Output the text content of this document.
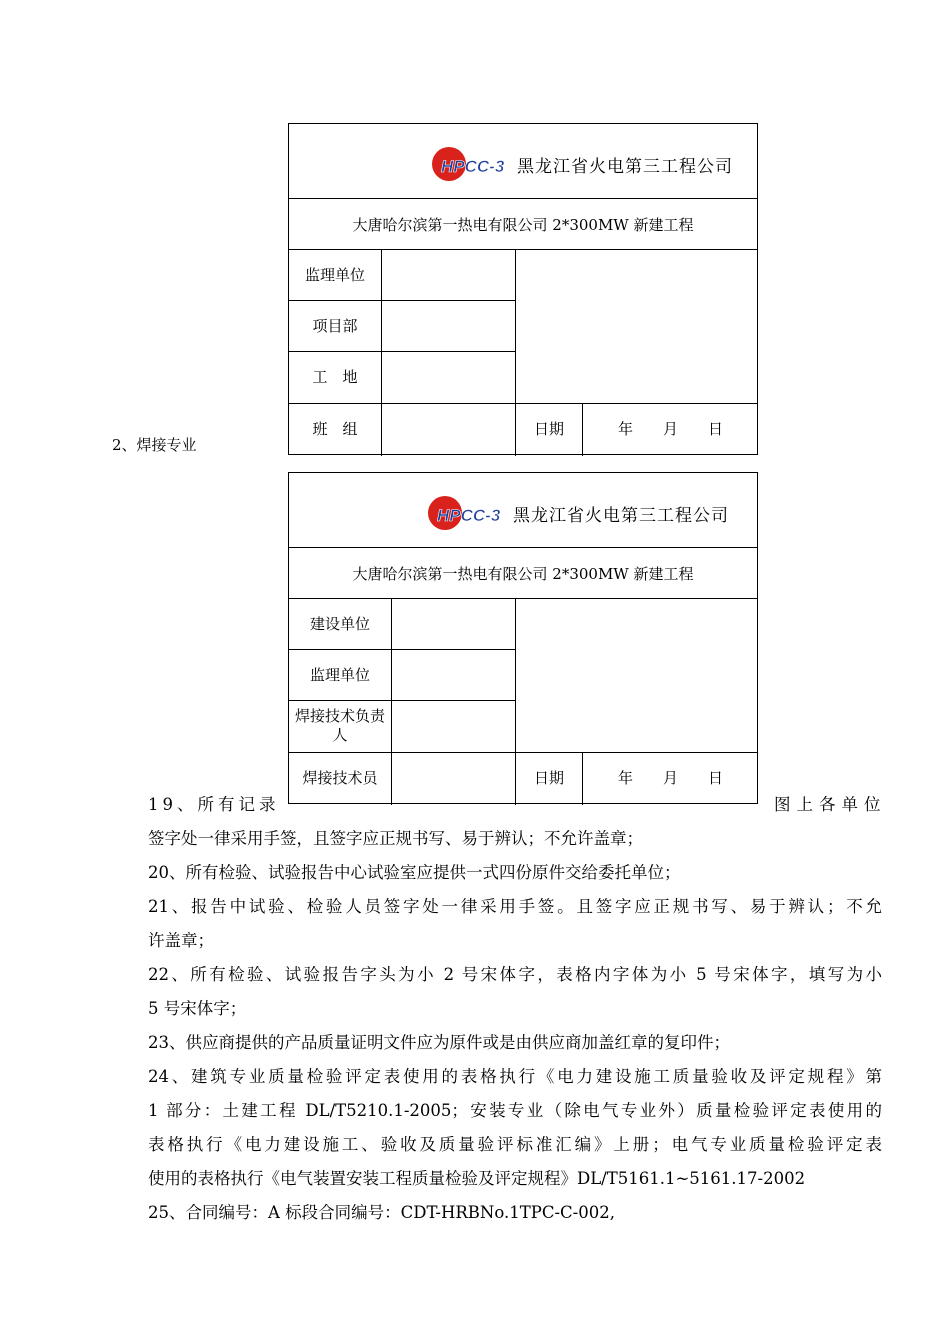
2、焊接专业
HPCC-3 黑龙江省火电第三工程公司
大唐哈尔滨第一热电有限公司 2*300MW 新建工程
监理单位
项目部
工　地
班　组	日期	年　　月　　日
HPCC-3 黑龙江省火电第三工程公司
大唐哈尔滨第一热电有限公司 2*300MW 新建工程
建设单位
监理单位
焊接技术负责人
焊接技术员	日期	年　　月　　日
19、所有记录	图上各单位
签字处一律采用手签，且签字应正规书写、易于辨认；不允许盖章；
20、所有检验、试验报告中心试验室应提供一式四份原件交给委托单位；
21、报告中试验、检验人员签字处一律采用手签。且签字应正规书写、易于辨认；不允
许盖章；
22、所有检验、试验报告字头为小 2 号宋体字，表格内字体为小 5 号宋体字，填写为小
5 号宋体字；
23、供应商提供的产品质量证明文件应为原件或是由供应商加盖红章的复印件；
24、建筑专业质量检验评定表使用的表格执行《电力建设施工质量验收及评定规程》第
1 部分：土建工程 DL/T5210.1-2005；安装专业（除电气专业外）质量检验评定表使用的
表格执行《电力建设施工、验收及质量验评标准汇编》上册；电气专业质量检验评定表
使用的表格执行《电气装置安装工程质量检验及评定规程》DL/T5161.1~5161.17-2002
25、合同编号：A 标段合同编号：CDT-HRBNo.1TPC-C-002,
